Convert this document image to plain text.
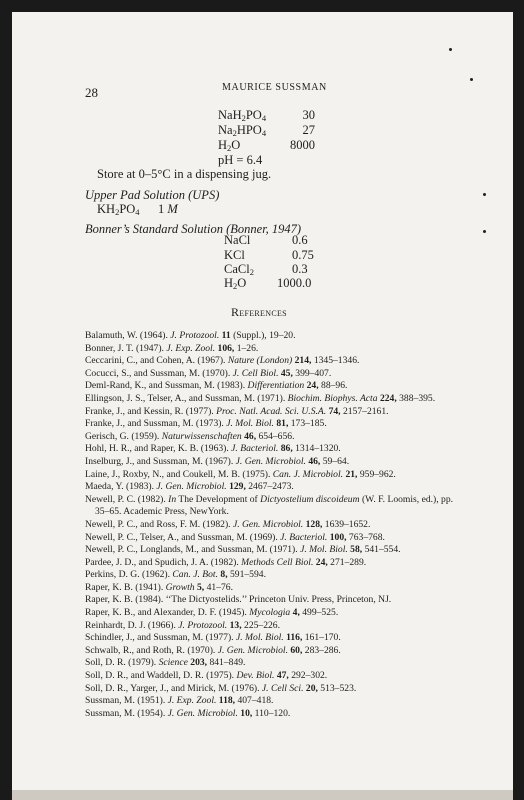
28	MAURICE SUSSMAN
$NaH_2PO_4$	30
$Na_2HPO_4$	27
$H_2O$	8000
pH = 6.4
Store at 0–5°C in a dispensing jug.
Upper Pad Solution (UPS)
$KH_2PO_4$ 1 M
Bonner’s Standard Solution (Bonner, 1947)
NaCl	0.6
KCl	0.75
CaCl$_2$	0.3
$H_2O$ 1000.0
References
Balamuth, W. (1964). J. Protozool. 11 (Suppl.), 19–20.
Bonner, J. T. (1947). J. Exp. Zool. 106, 1–26.
Ceccarini, C., and Cohen, A. (1967). Nature (London) 214, 1345–1346.
Cocucci, S., and Sussman, M. (1970). J. Cell Biol. 45, 399–407.
Deml-Rand, K., and Sussman, M. (1983). Differentiation 24, 88–96.
Ellingson, J. S., Telser, A., and Sussman, M. (1971). Biochim. Biophys. Acta 224, 388–395.
Franke, J., and Kessin, R. (1977). Proc. Natl. Acad. Sci. U.S.A. 74, 2157–2161.
Franke, J., and Sussman, M. (1973). J. Mol. Biol. 81, 173–185.
Gerisch, G. (1959). Naturwissenschaften 46, 654–656.
Hohl, H. R., and Raper, K. B. (1963). J. Bacteriol. 86, 1314–1320.
Inselburg, J., and Sussman, M. (1967). J. Gen. Microbiol. 46, 59–64.
Laine, J., Roxby, N., and Coukell, M. B. (1975). Can. J. Microbiol. 21, 959–962.
Maeda, Y. (1983). J. Gen. Microbiol. 129, 2467–2473.
Newell, P. C. (1982). In The Development of Dictyostelium discoideum (W. F. Loomis, ed.), pp.
35–65. Academic Press, NewYork.
Newell, P. C., and Ross, F. M. (1982). J. Gen. Microbiol. 128, 1639–1652.
Newell, P. C., Telser, A., and Sussman, M. (1969). J. Bacteriol. 100, 763–768.
Newell, P. C., Longlands, M., and Sussman, M. (1971). J. Mol. Biol. 58, 541–554.
Pardee, J. D., and Spudich, J. A. (1982). Methods Cell Biol. 24, 271–289.
Perkins, D. G. (1962). Can. J. Bot. 8, 591–594.
Raper, K. B. (1941). Growth 5, 41–76.
Raper, K. B. (1984). ‘‘The Dictyostelids.’’ Princeton Univ. Press, Princeton, NJ.
Raper, K. B., and Alexander, D. F. (1945). Mycologia 4, 499–525.
Reinhardt, D. J. (1966). J. Protozool. 13, 225–226.
Schindler, J., and Sussman, M. (1977). J. Mol. Biol. 116, 161–170.
Schwalb, R., and Roth, R. (1970). J. Gen. Microbiol. 60, 283–286.
Soll, D. R. (1979). Science 203, 841–849.
Soll, D. R., and Waddell, D. R. (1975). Dev. Biol. 47, 292–302.
Soll, D. R., Yarger, J., and Mirick, M. (1976). J. Cell Sci. 20, 513–523.
Sussman, M. (1951). J. Exp. Zool. 118, 407–418.
Sussman, M. (1954). J. Gen. Microbiol. 10, 110–120.
